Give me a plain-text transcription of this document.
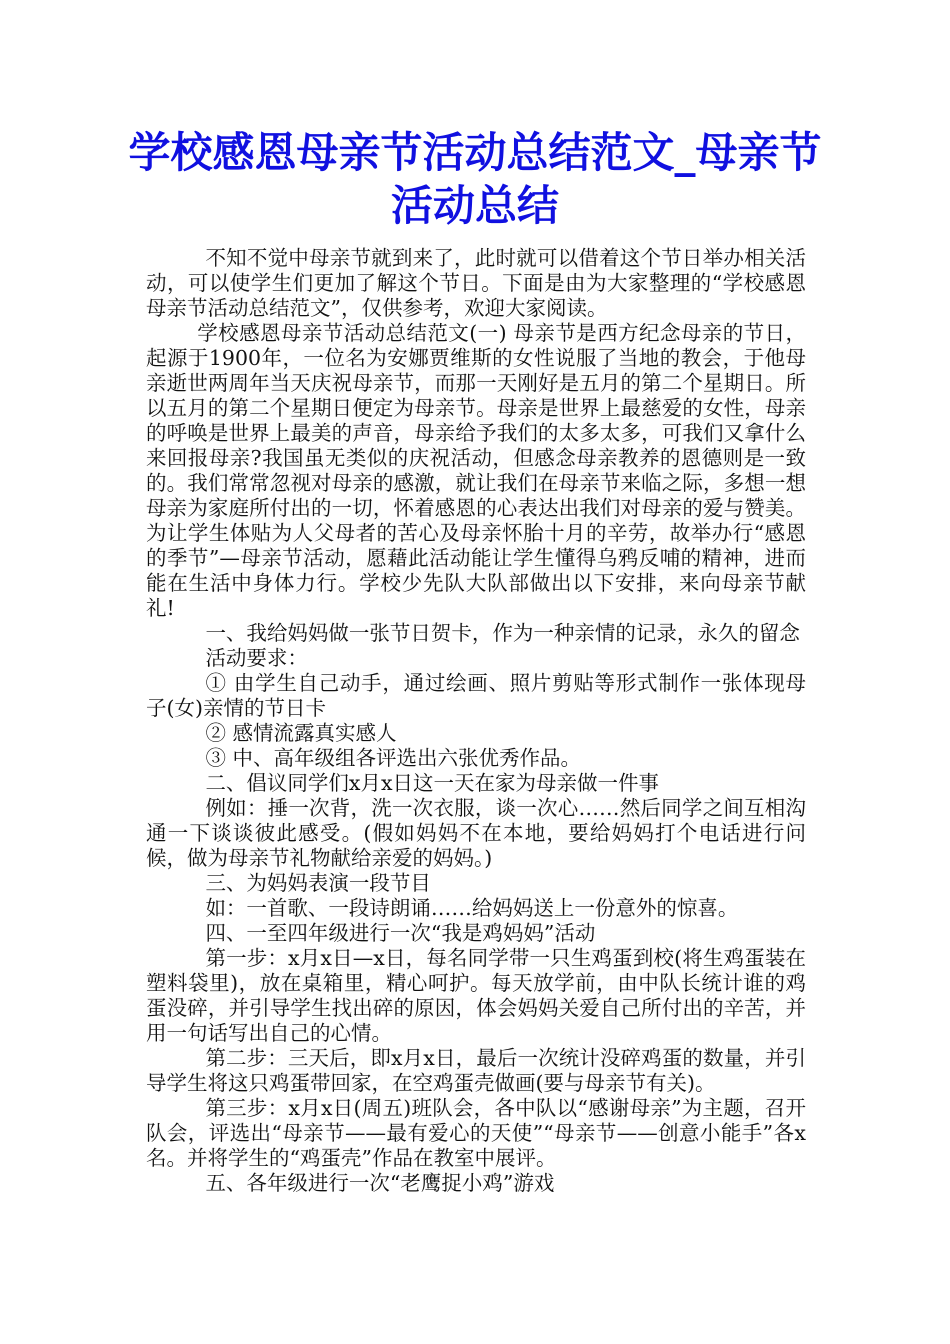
学校感恩母亲节活动总结范文_母亲节活动总结

不知不觉中母亲节就到来了，此时就可以借着这个节日举办相关活动，可以使学生们更加了解这个节日。下面是由为大家整理的“学校感恩母亲节活动总结范文”，仅供参考，欢迎大家阅读。

学校感恩母亲节活动总结范文(一) 母亲节是西方纪念母亲的节日，起源于1900年，一位名为安娜贾维斯的女性说服了当地的教会，于他母亲逝世两周年当天庆祝母亲节，而那一天刚好是五月的第二个星期日。所以五月的第二个星期日便定为母亲节。母亲是世界上最慈爱的女性，母亲的呼唤是世界上最美的声音，母亲给予我们的太多太多，可我们又拿什么来回报母亲?我国虽无类似的庆祝活动，但感念母亲教养的恩德则是一致的。我们常常忽视对母亲的感激，就让我们在母亲节来临之际，多想一想母亲为家庭所付出的一切，怀着感恩的心表达出我们对母亲的爱与赞美。为让学生体贴为人父母者的苦心及母亲怀胎十月的辛劳，故举办行“感恩的季节”—母亲节活动，愿藉此活动能让学生懂得乌鸦反哺的精神，进而能在生活中身体力行。学校少先队大队部做出以下安排，来向母亲节献礼!

一、我给妈妈做一张节日贺卡，作为一种亲情的记录，永久的留念

活动要求：

① 由学生自己动手，通过绘画、照片剪贴等形式制作一张体现母子(女)亲情的节日卡

② 感情流露真实感人

③ 中、高年级组各评选出六张优秀作品。

二、倡议同学们x月x日这一天在家为母亲做一件事

例如：捶一次背，洗一次衣服，谈一次心……然后同学之间互相沟通一下谈谈彼此感受。(假如妈妈不在本地，要给妈妈打个电话进行问候，做为母亲节礼物献给亲爱的妈妈。)

三、为妈妈表演一段节目

如：一首歌、一段诗朗诵……给妈妈送上一份意外的惊喜。

四、一至四年级进行一次“我是鸡妈妈”活动

第一步：x月x日—x日，每名同学带一只生鸡蛋到校(将生鸡蛋装在塑料袋里)，放在桌箱里，精心呵护。每天放学前，由中队长统计谁的鸡蛋没碎，并引导学生找出碎的原因，体会妈妈关爱自己所付出的辛苦，并用一句话写出自己的心情。

第二步：三天后，即x月x日，最后一次统计没碎鸡蛋的数量，并引导学生将这只鸡蛋带回家，在空鸡蛋壳做画(要与母亲节有关)。

第三步：x月x日(周五)班队会，各中队以“感谢母亲”为主题，召开队会，评选出“母亲节——最有爱心的天使”“母亲节——创意小能手”各x名。并将学生的“鸡蛋壳”作品在教室中展评。

五、各年级进行一次“老鹰捉小鸡”游戏
